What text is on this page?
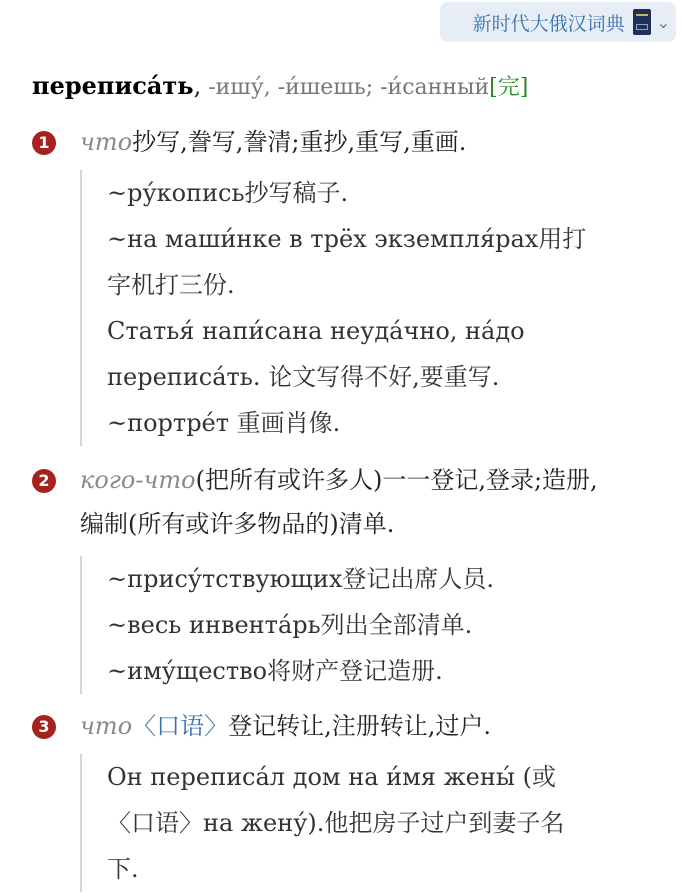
新时代大俄汉词典 ⌄
переписа́ть, -ишу́, -и́шешь; -и́санный[完]
1 что抄写,誊写,誊清;重抄,重写,重画.
~ру́копись抄写稿子.
~на маши́нке в трёх экземпля́рах用打
字机打三份.
Статья́ напи́сана неуда́чно, на́до
переписа́ть. 论文写得不好,要重写.
~портре́т 重画肖像.
2 кого-что(把所有或许多人)一一登记,登录;造册,
编制(所有或许多物品的)清单.
~прису́тствующих登记出席人员.
~весь инвента́рь列出全部清单.
~иму́щество将财产登记造册.
3 что〈口语〉登记转让,注册转让,过户.
Он переписа́л дом на и́мя жены́ (或
〈口语〉на жену́).他把房子过户到妻子名
下.
